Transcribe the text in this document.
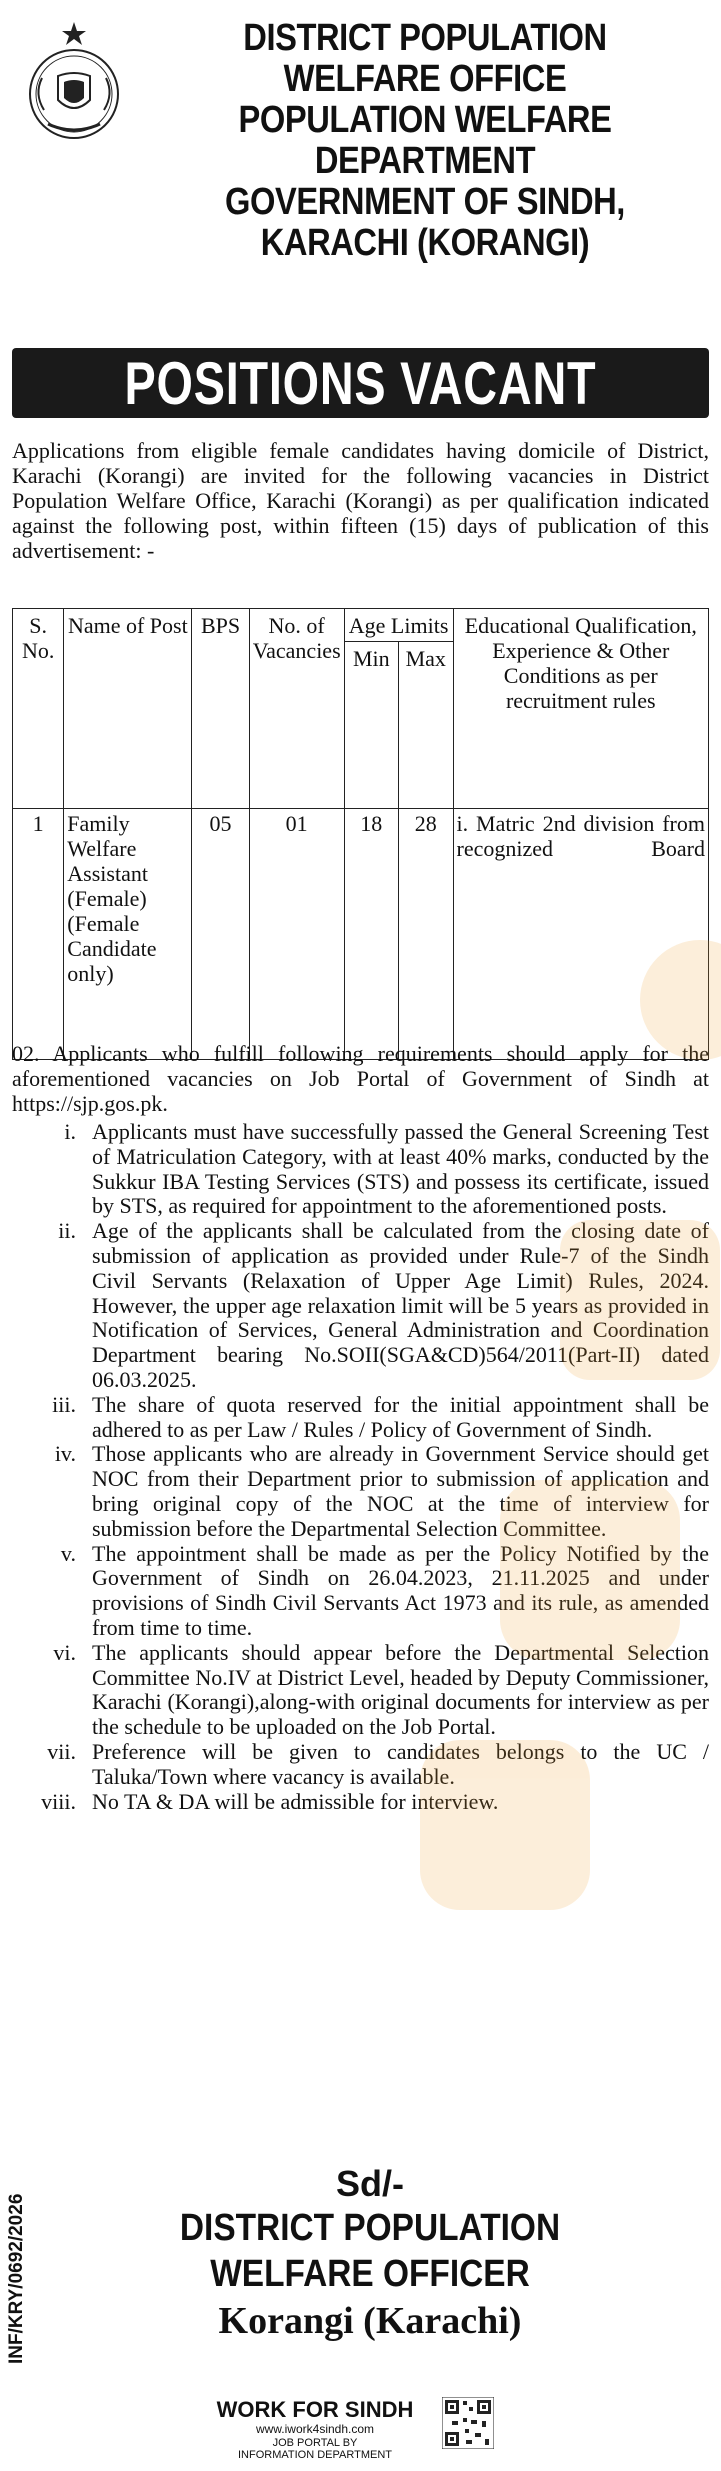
DISTRICT POPULATION
WELFARE OFFICE
POPULATION WELFARE
DEPARTMENT
GOVERNMENT OF SINDH,
KARACHI (KORANGI)
POSITIONS VACANT
Applications from eligible female candidates having domicile of District, Karachi (Korangi) are invited for the following vacancies in District Population Welfare Office, Karachi (Korangi) as per qualification indicated against the following post, within fifteen (15) days of publication of this advertisement: -
S. No.	Name of Post	BPS	No. of Vacancies	Age Limits		Educational Qualification, Experience & Other Conditions as per recruitment rules
				Min	Max	
1	Family Welfare Assistant (Female) (Female Candidate only)	05	01	18	28	i. Matric 2nd division from recognized Board
02. Applicants who fulfill following requirements should apply for the aforementioned vacancies on Job Portal of Government of Sindh at https://sjp.gos.pk.
i. Applicants must have successfully passed the General Screening Test of Matriculation Category, with at least 40% marks, conducted by the Sukkur IBA Testing Services (STS) and possess its certificate, issued by STS, as required for appointment to the aforementioned posts.
ii. Age of the applicants shall be calculated from the closing date of submission of application as provided under Rule-7 of the Sindh Civil Servants (Relaxation of Upper Age Limit) Rules, 2024. However, the upper age relaxation limit will be 5 years as provided in Notification of Services, General Administration and Coordination Department bearing No.SOII(SGA&CD)564/2011(Part-II) dated 06.03.2025.
iii. The share of quota reserved for the initial appointment shall be adhered to as per Law / Rules / Policy of Government of Sindh.
iv. Those applicants who are already in Government Service should get NOC from their Department prior to submission of application and bring original copy of the NOC at the time of interview for submission before the Departmental Selection Committee.
v. The appointment shall be made as per the Policy Notified by the Government of Sindh on 26.04.2023, 21.11.2025 and under provisions of Sindh Civil Servants Act 1973 and its rule, as amended from time to time.
vi. The applicants should appear before the Departmental Selection Committee No.IV at District Level, headed by Deputy Commissioner, Karachi (Korangi),along-with original documents for interview as per the schedule to be uploaded on the Job Portal.
vii. Preference will be given to candidates belongs to the UC / Taluka/Town where vacancy is available.
viii. No TA & DA will be admissible for interview.
Sd/-
DISTRICT POPULATION
WELFARE OFFICER
Korangi (Karachi)
INF/KRY/0692/2026
WORK FOR SINDH
www.iwork4sindh.com
JOB PORTAL BY
INFORMATION DEPARTMENT
